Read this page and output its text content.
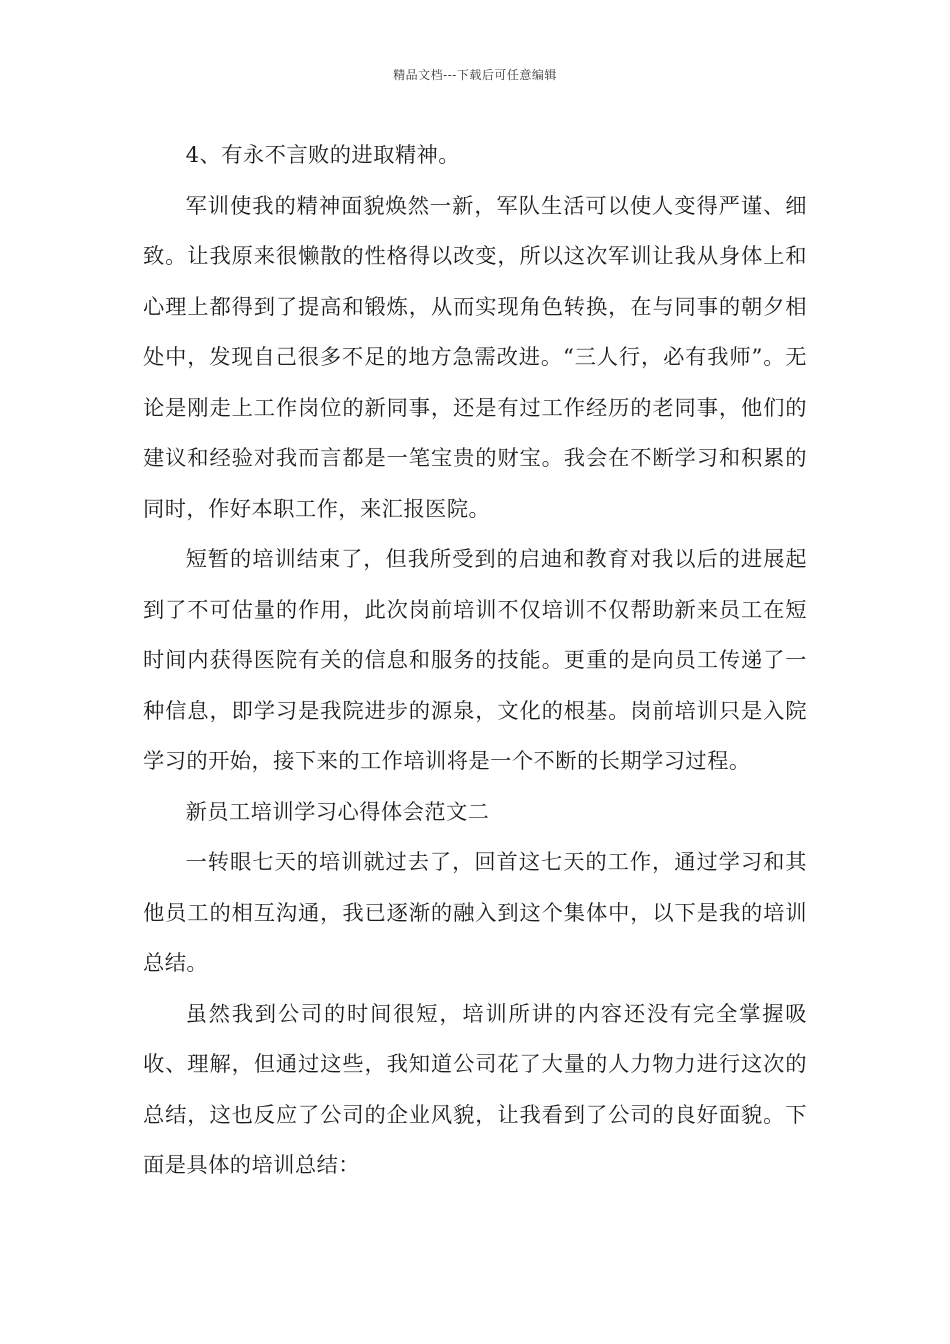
精品文档---下载后可任意编辑

4、有永不言败的进取精神。

军训使我的精神面貌焕然一新，军队生活可以使人变得严谨、细致。让我原来很懒散的性格得以改变，所以这次军训让我从身体上和心理上都得到了提高和锻炼，从而实现角色转换，在与同事的朝夕相处中，发现自己很多不足的地方急需改进。“三人行，必有我师”。无论是刚走上工作岗位的新同事，还是有过工作经历的老同事，他们的建议和经验对我而言都是一笔宝贵的财宝。我会在不断学习和积累的同时，作好本职工作，来汇报医院。

短暂的培训结束了，但我所受到的启迪和教育对我以后的进展起到了不可估量的作用，此次岗前培训不仅培训不仅帮助新来员工在短时间内获得医院有关的信息和服务的技能。更重的是向员工传递了一种信息，即学习是我院进步的源泉，文化的根基。岗前培训只是入院学习的开始，接下来的工作培训将是一个不断的长期学习过程。

新员工培训学习心得体会范文二

一转眼七天的培训就过去了，回首这七天的工作，通过学习和其他员工的相互沟通，我已逐渐的融入到这个集体中，以下是我的培训总结。

虽然我到公司的时间很短，培训所讲的内容还没有完全掌握吸收、理解，但通过这些，我知道公司花了大量的人力物力进行这次的总结，这也反应了公司的企业风貌，让我看到了公司的良好面貌。下面是具体的培训总结：
